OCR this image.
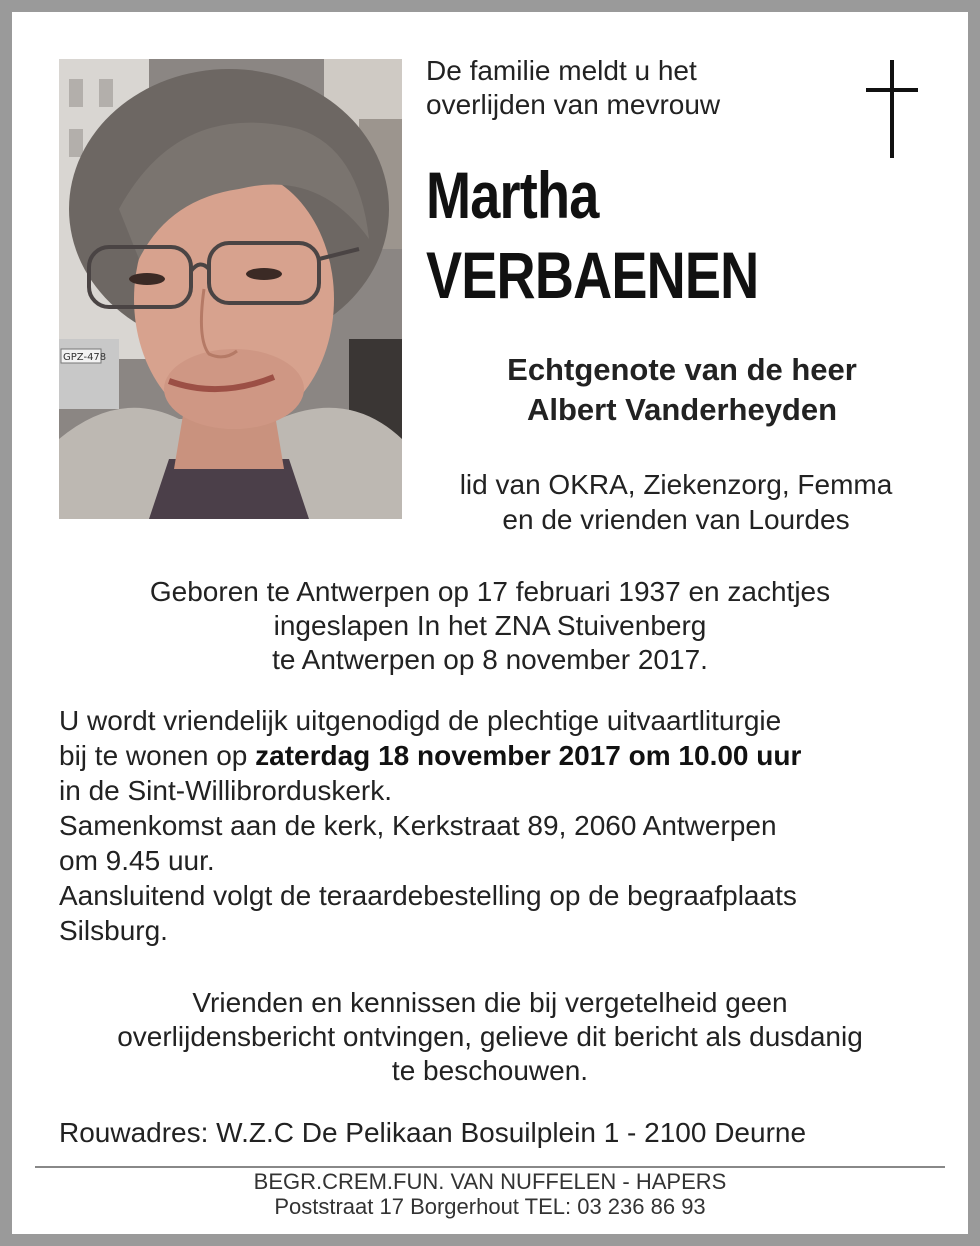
GPZ-478
De familie meldt u het
overlijden van mevrouw
Martha
VERBAENEN
Echtgenote van de heer
Albert Vanderheyden
lid van OKRA, Ziekenzorg, Femma
en de vrienden van Lourdes
Geboren te Antwerpen op 17 februari 1937 en zachtjes
ingeslapen In het ZNA Stuivenberg
te Antwerpen op 8 november 2017.
U wordt vriendelijk uitgenodigd de plechtige uitvaartliturgie
bij te wonen op zaterdag 18 november 2017 om 10.00 uur
in de Sint-Willibrorduskerk.
Samenkomst aan de kerk, Kerkstraat 89, 2060 Antwerpen
om 9.45 uur.
Aansluitend volgt de teraardebestelling op de begraafplaats
Silsburg.
Vrienden en kennissen die bij vergetelheid geen
overlijdensbericht ontvingen, gelieve dit bericht als dusdanig
te beschouwen.
Rouwadres: W.Z.C De Pelikaan Bosuilplein 1 - 2100 Deurne
BEGR.CREM.FUN. VAN NUFFELEN - HAPERS
Poststraat 17 Borgerhout TEL: 03 236 86 93
